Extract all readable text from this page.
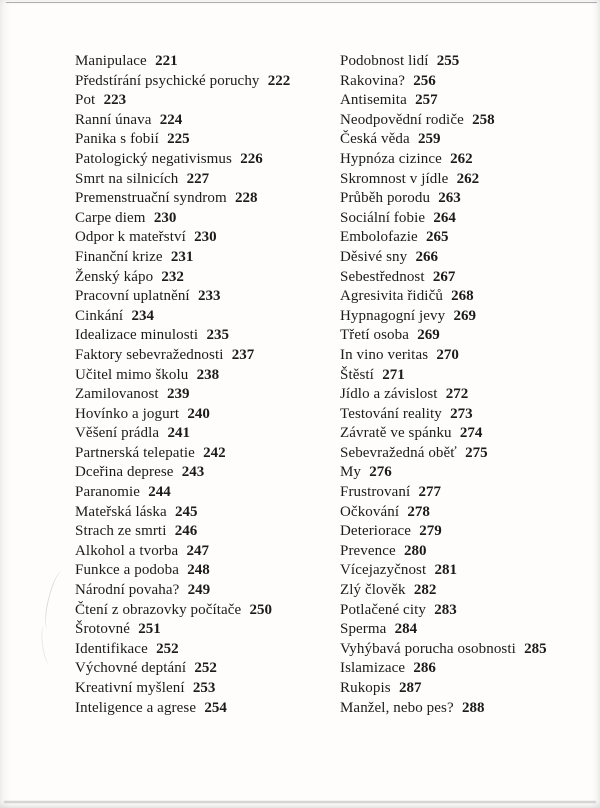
Manipulace 221
Předstírání psychické poruchy 222
Pot 223
Ranní únava 224
Panika s fobií 225
Patologický negativismus 226
Smrt na silnicích 227
Premenstruační syndrom 228
Carpe diem 230
Odpor k mateřství 230
Finanční krize 231
Ženský kápo 232
Pracovní uplatnění 233
Cinkání 234
Idealizace minulosti 235
Faktory sebevražednosti 237
Učitel mimo školu 238
Zamilovanost 239
Hovínko a jogurt 240
Věšení prádla 241
Partnerská telepatie 242
Dceřina deprese 243
Paranomie 244
Mateřská láska 245
Strach ze smrti 246
Alkohol a tvorba 247
Funkce a podoba 248
Národní povaha? 249
Čtení z obrazovky počítače 250
Šrotovné 251
Identifikace 252
Výchovné deptání 252
Kreativní myšlení 253
Inteligence a agrese 254
Podobnost lidí 255
Rakovina? 256
Antisemita 257
Neodpovědní rodiče 258
Česká věda 259
Hypnóza cizince 262
Skromnost v jídle 262
Průběh porodu 263
Sociální fobie 264
Embolofazie 265
Děsivé sny 266
Sebestřednost 267
Agresivita řidičů 268
Hypnagogní jevy 269
Třetí osoba 269
In vino veritas 270
Štěstí 271
Jídlo a závislost 272
Testování reality 273
Závratě ve spánku 274
Sebevražedná oběť 275
My 276
Frustrovaní 277
Očkování 278
Deteriorace 279
Prevence 280
Vícejazyčnost 281
Zlý člověk 282
Potlačené city 283
Sperma 284
Vyhýbavá porucha osobnosti 285
Islamizace 286
Rukopis 287
Manžel, nebo pes? 288
